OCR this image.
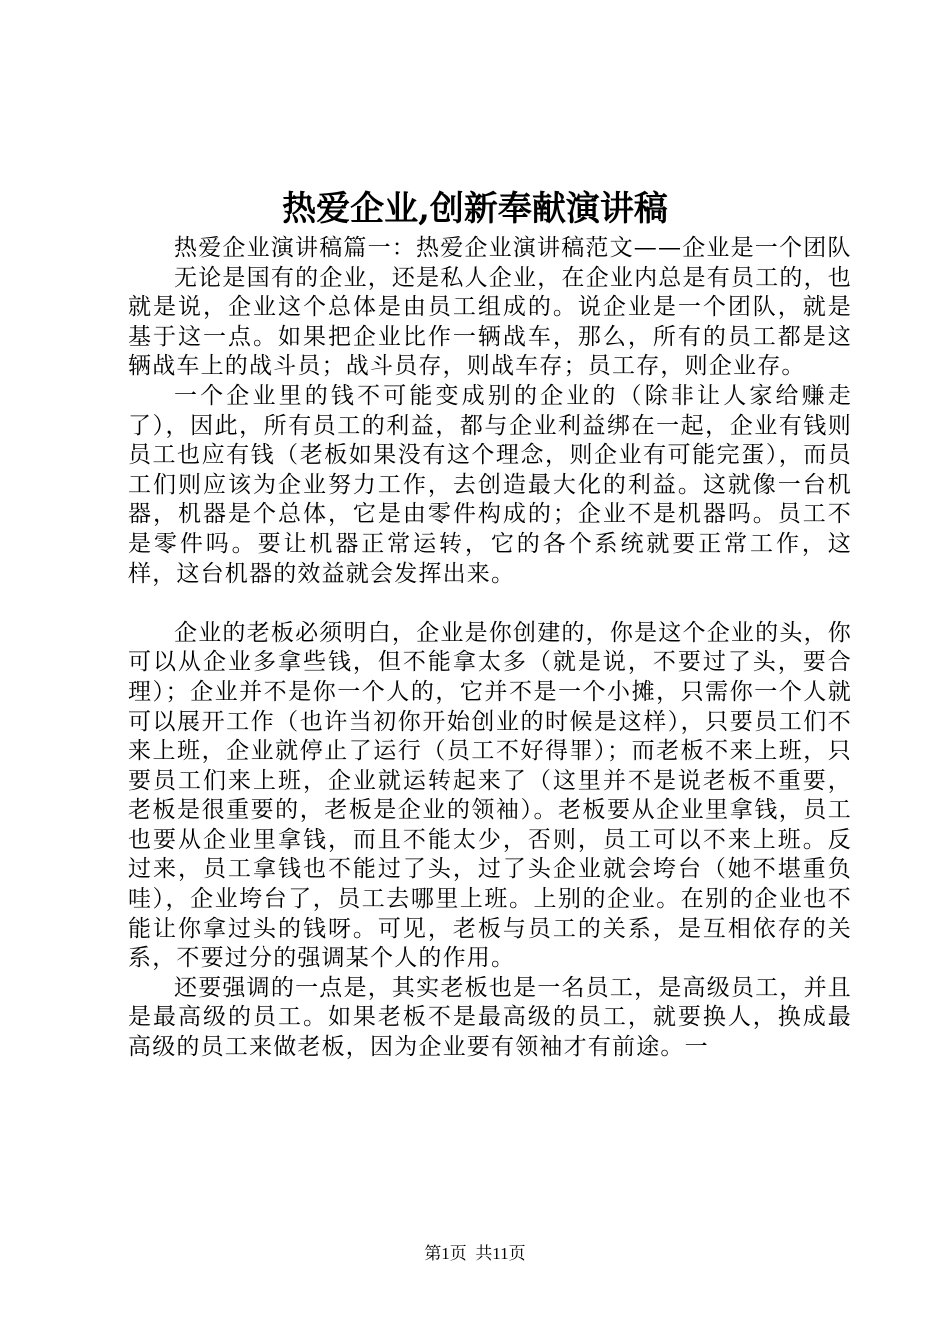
热爱企业,创新奉献演讲稿

热爱企业演讲稿篇一：热爱企业演讲稿范文——企业是一个团队

无论是国有的企业，还是私人企业，在企业内总是有员工的，也就是说，企业这个总体是由员工组成的。说企业是一个团队，就是基于这一点。如果把企业比作一辆战车，那么，所有的员工都是这辆战车上的战斗员；战斗员存，则战车存；员工存，则企业存。

一个企业里的钱不可能变成别的企业的（除非让人家给赚走了），因此，所有员工的利益，都与企业利益绑在一起，企业有钱则员工也应有钱（老板如果没有这个理念，则企业有可能完蛋），而员工们则应该为企业努力工作，去创造最大化的利益。这就像一台机器，机器是个总体，它是由零件构成的；企业不是机器吗。员工不是零件吗。要让机器正常运转，它的各个系统就要正常工作，这样，这台机器的效益就会发挥出来。

企业的老板必须明白，企业是你创建的，你是这个企业的头，你可以从企业多拿些钱，但不能拿太多（就是说，不要过了头，要合理）；企业并不是你一个人的，它并不是一个小摊，只需你一个人就可以展开工作（也许当初你开始创业的时候是这样），只要员工们不来上班，企业就停止了运行（员工不好得罪）；而老板不来上班，只要员工们来上班，企业就运转起来了（这里并不是说老板不重要，老板是很重要的，老板是企业的领袖）。老板要从企业里拿钱，员工也要从企业里拿钱，而且不能太少，否则，员工可以不来上班。反过来，员工拿钱也不能过了头，过了头企业就会垮台（她不堪重负哇），企业垮台了，员工去哪里上班。上别的企业。在别的企业也不能让你拿过头的钱呀。可见，老板与员工的关系，是互相依存的关系，不要过分的强调某个人的作用。

还要强调的一点是，其实老板也是一名员工，是高级员工，并且是最高级的员工。如果老板不是最高级的员工，就要换人，换成最高级的员工来做老板，因为企业要有领袖才有前途。一

第1页 共11页
